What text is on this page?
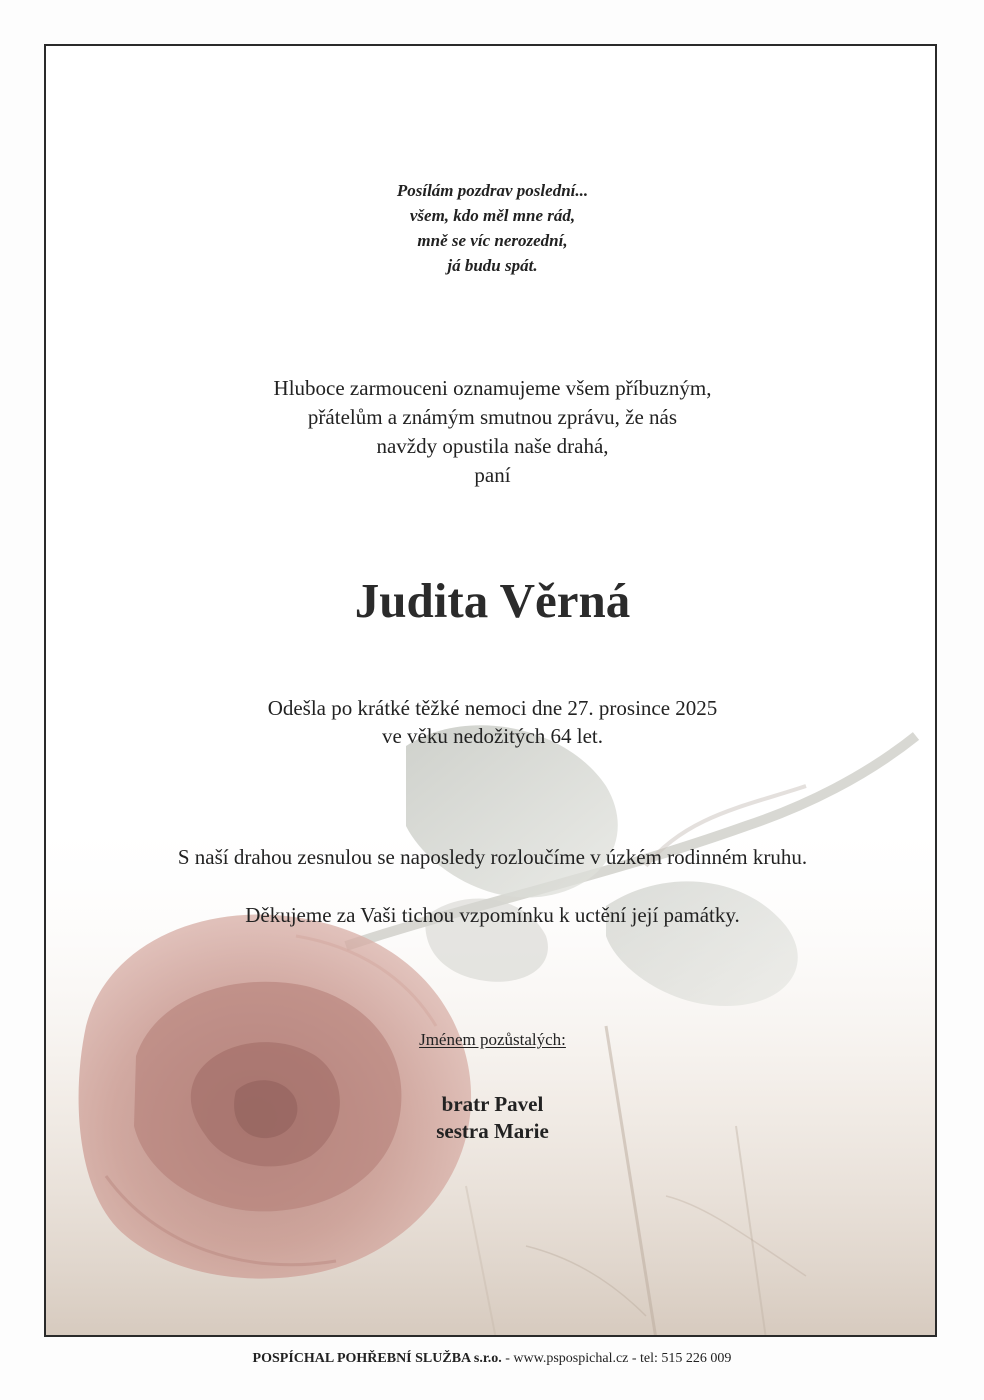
Posílám pozdrav poslední...
všem, kdo měl mne rád,
mně se víc nerozední,
já budu spát.
Hluboce zarmouceni oznamujeme všem příbuzným,
přátelům a známým smutnou zprávu, že nás
navždy opustila naše drahá,
paní
Judita Věrná
Odešla po krátké těžké nemoci dne 27. prosince 2025
ve věku nedožitých 64 let.
S naší drahou zesnulou se naposledy rozloučíme v úzkém rodinném kruhu.
Děkujeme za Vaši tichou vzpomínku k uctění její památky.
Jménem pozůstalých:
bratr Pavel
sestra Marie
POSPÍCHAL POHŘEBNÍ SLUŽBA s.r.o. - www.pspospichal.cz - tel: 515 226 009
